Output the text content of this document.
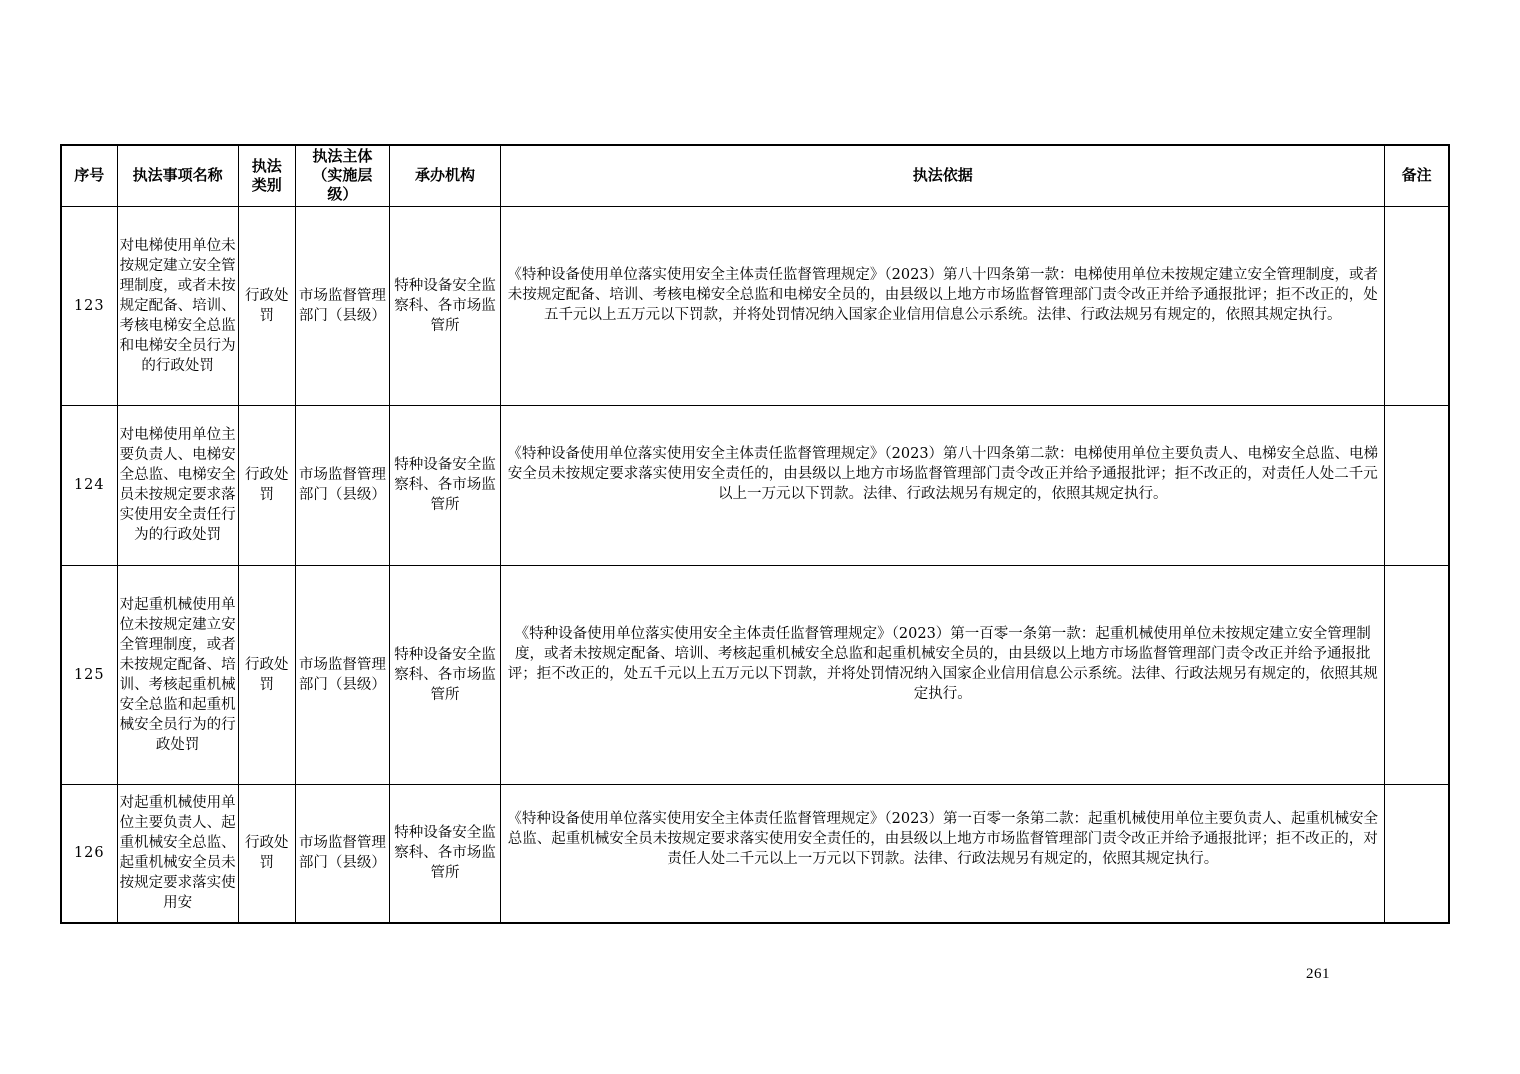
序号	执法事项名称	执法类别	执法主体（实施层级）	承办机构	执法依据	备注
123	对电梯使用单位未按规定建立安全管理制度，或者未按规定配备、培训、考核电梯安全总监和电梯安全员行为的行政处罚	行政处罚	市场监督管理部门（县级）	特种设备安全监察科、各市场监管所	《特种设备使用单位落实使用安全主体责任监督管理规定》（2023）第八十四条第一款：电梯使用单位未按规定建立安全管理制度，或者未按规定配备、培训、考核电梯安全总监和电梯安全员的，由县级以上地方市场监督管理部门责令改正并给予通报批评；拒不改正的，处五千元以上五万元以下罚款，并将处罚情况纳入国家企业信用信息公示系统。法律、行政法规另有规定的，依照其规定执行。	

124	对电梯使用单位主要负责人、电梯安全总监、电梯安全员未按规定要求落实使用安全责任行为的行政处罚	行政处罚	市场监督管理部门（县级）	特种设备安全监察科、各市场监管所	《特种设备使用单位落实使用安全主体责任监督管理规定》（2023）第八十四条第二款：电梯使用单位主要负责人、电梯安全总监、电梯安全员未按规定要求落实使用安全责任的，由县级以上地方市场监督管理部门责令改正并给予通报批评；拒不改正的，对责任人处二千元以上一万元以下罚款。法律、行政法规另有规定的，依照其规定执行。	

125	对起重机械使用单位未按规定建立安全管理制度，或者未按规定配备、培训、考核起重机械安全总监和起重机械安全员行为的行政处罚	行政处罚	市场监督管理部门（县级）	特种设备安全监察科、各市场监管所	《特种设备使用单位落实使用安全主体责任监督管理规定》（2023）第一百零一条第一款：起重机械使用单位未按规定建立安全管理制度，或者未按规定配备、培训、考核起重机械安全总监和起重机械安全员的，由县级以上地方市场监督管理部门责令改正并给予通报批评；拒不改正的，处五千元以上五万元以下罚款，并将处罚情况纳入国家企业信用信息公示系统。法律、行政法规另有规定的，依照其规定执行。	

126	对起重机械使用单位主要负责人、起重机械安全总监、起重机械安全员未按规定要求落实使用安	行政处罚	市场监督管理部门（县级）	特种设备安全监察科、各市场监管所	《特种设备使用单位落实使用安全主体责任监督管理规定》（2023）第一百零一条第二款：起重机械使用单位主要负责人、起重机械安全总监、起重机械安全员未按规定要求落实使用安全责任的，由县级以上地方市场监督管理部门责令改正并给予通报批评；拒不改正的，对责任人处二千元以上一万元以下罚款。法律、行政法规另有规定的，依照其规定执行。	

261
